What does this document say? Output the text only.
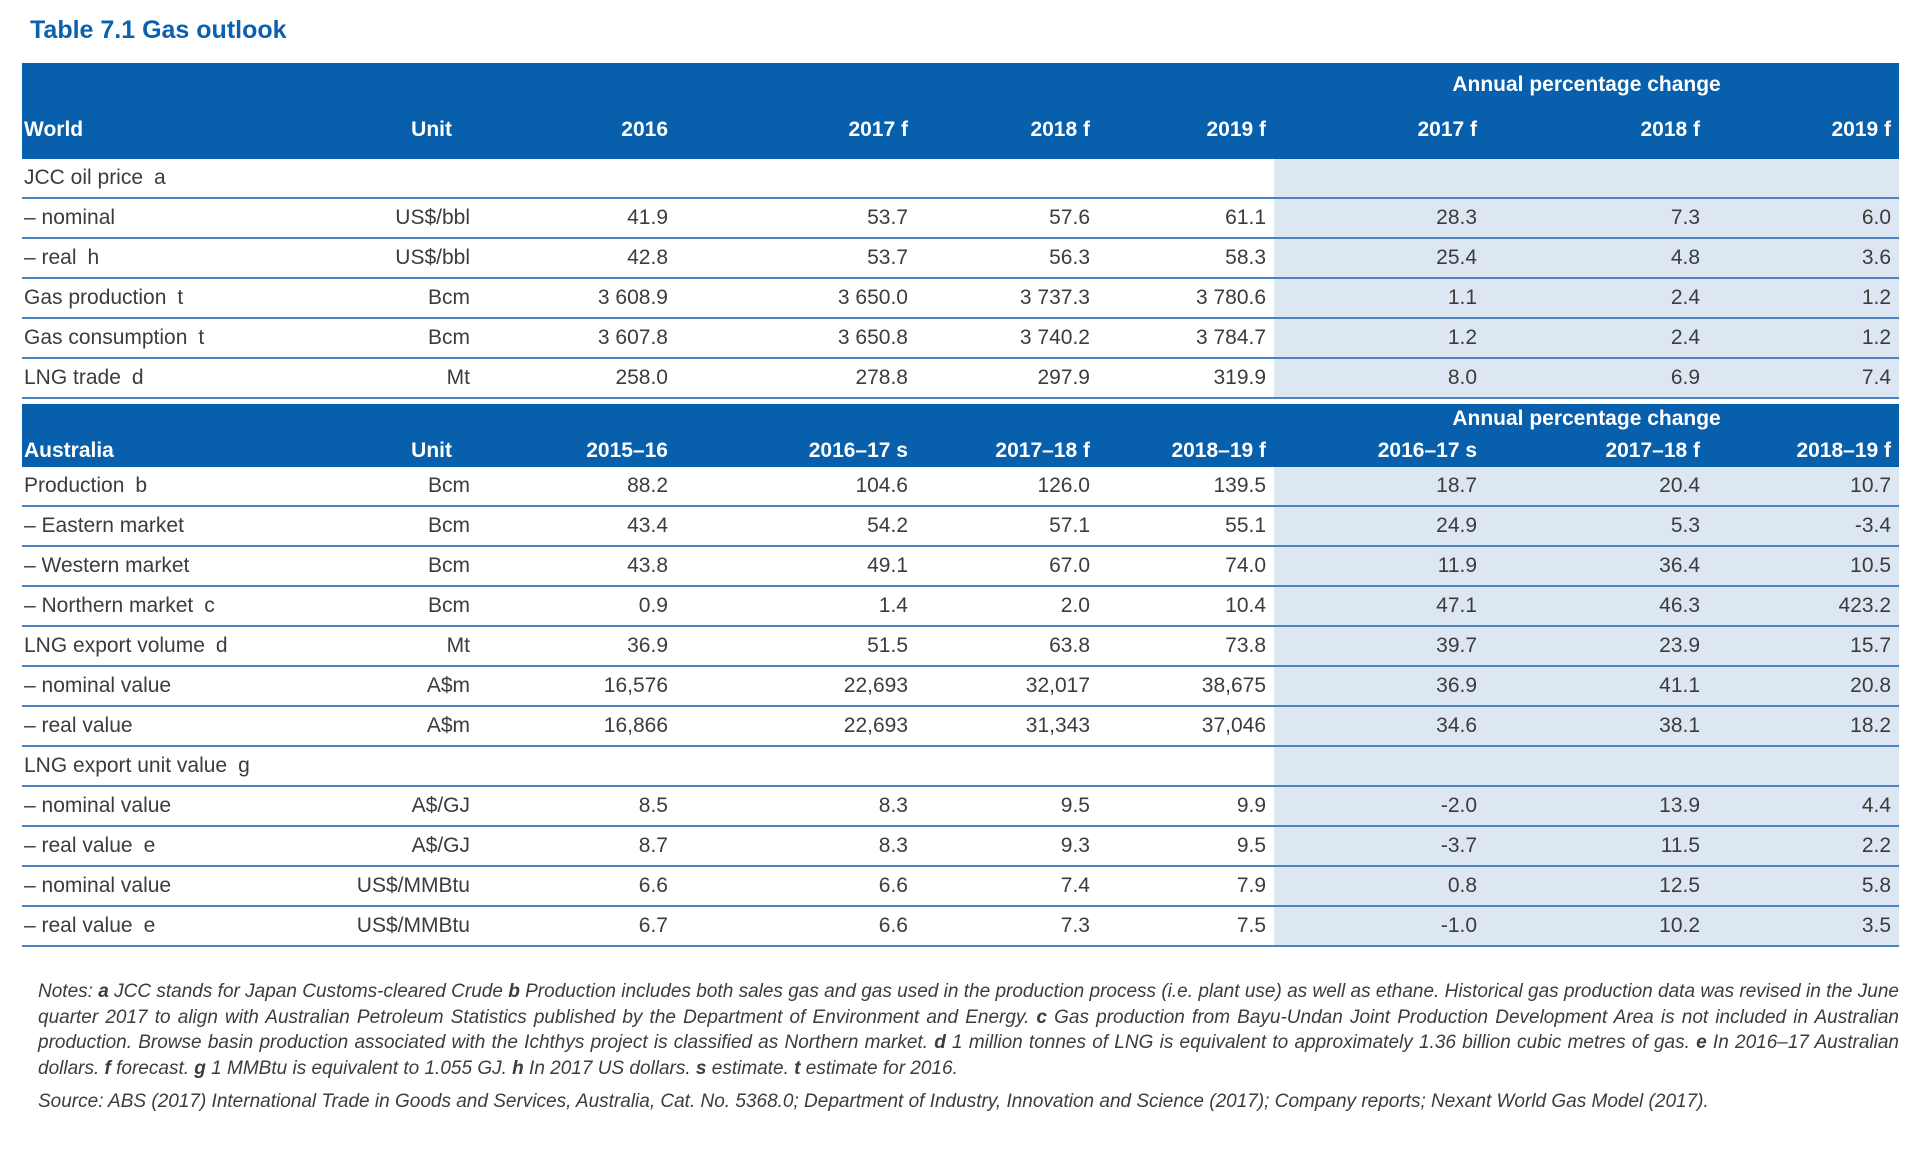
Table 7.1 Gas outlook
						Annual percentage change		
World	Unit	2016	2017 f	2018 f	2019 f	2017 f	2018 f	2019 f
JCC oil price a								
– nominal	US$/bbl	41.9	53.7	57.6	61.1	28.3	7.3	6.0
– real h	US$/bbl	42.8	53.7	56.3	58.3	25.4	4.8	3.6
Gas production t	Bcm	3 608.9	3 650.0	3 737.3	3 780.6	1.1	2.4	1.2
Gas consumption t	Bcm	3 607.8	3 650.8	3 740.2	3 784.7	1.2	2.4	1.2
LNG trade d	Mt	258.0	278.8	297.9	319.9	8.0	6.9	7.4
						Annual percentage change		
Australia	Unit	2015–16	2016–17 s	2017–18 f	2018–19 f	2016–17 s	2017–18 f	2018–19 f
Production b	Bcm	88.2	104.6	126.0	139.5	18.7	20.4	10.7
– Eastern market	Bcm	43.4	54.2	57.1	55.1	24.9	5.3	-3.4
– Western market	Bcm	43.8	49.1	67.0	74.0	11.9	36.4	10.5
– Northern market c	Bcm	0.9	1.4	2.0	10.4	47.1	46.3	423.2
LNG export volume d	Mt	36.9	51.5	63.8	73.8	39.7	23.9	15.7
– nominal value	A$m	16,576	22,693	32,017	38,675	36.9	41.1	20.8
– real value	A$m	16,866	22,693	31,343	37,046	34.6	38.1	18.2
LNG export unit value g								
– nominal value	A$/GJ	8.5	8.3	9.5	9.9	-2.0	13.9	4.4
– real value e	A$/GJ	8.7	8.3	9.3	9.5	-3.7	11.5	2.2
– nominal value	US$/MMBtu	6.6	6.6	7.4	7.9	0.8	12.5	5.8
– real value e	US$/MMBtu	6.7	6.6	7.3	7.5	-1.0	10.2	3.5

Notes: a JCC stands for Japan Customs-cleared Crude b Production includes both sales gas and gas used in the production process (i.e. plant use) as well as ethane. Historical gas production data was revised in the June quarter 2017 to align with Australian Petroleum Statistics published by the Department of Environment and Energy. c Gas production from Bayu-Undan Joint Production Development Area is not included in Australian production. Browse basin production associated with the Ichthys project is classified as Northern market. d 1 million tonnes of LNG is equivalent to approximately 1.36 billion cubic metres of gas. e In 2016–17 Australian dollars. f forecast. g 1 MMBtu is equivalent to 1.055 GJ. h In 2017 US dollars. s estimate. t estimate for 2016.

Source: ABS (2017) International Trade in Goods and Services, Australia, Cat. No. 5368.0; Department of Industry, Innovation and Science (2017); Company reports; Nexant World Gas Model (2017).
